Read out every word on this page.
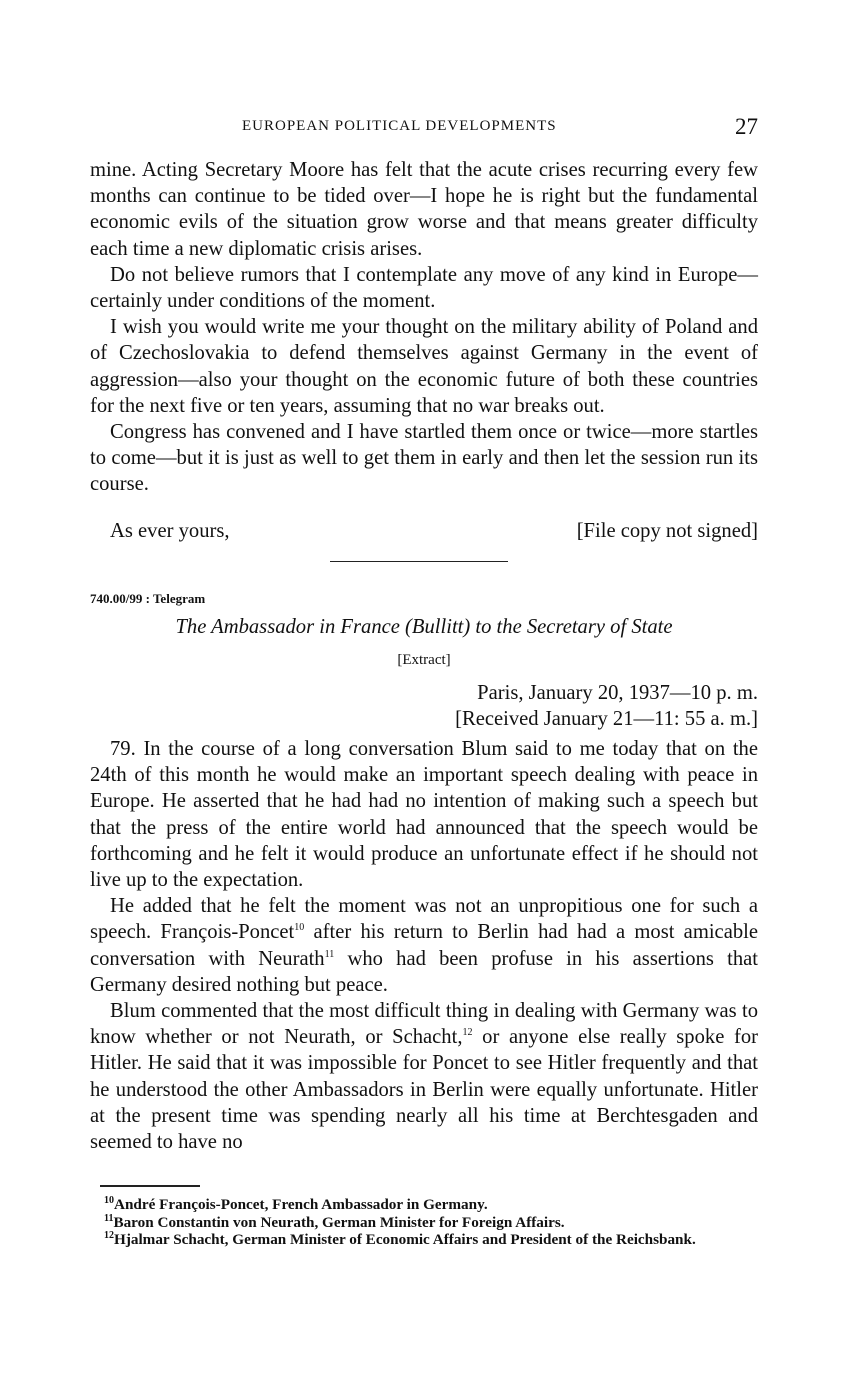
EUROPEAN POLITICAL DEVELOPMENTS	27

mine. Acting Secretary Moore has felt that the acute crises recurring every few months can continue to be tided over—I hope he is right but the fundamental economic evils of the situation grow worse and that means greater difficulty each time a new diplomatic crisis arises.

Do not believe rumors that I contemplate any move of any kind in Europe—certainly under conditions of the moment.

I wish you would write me your thought on the military ability of Poland and of Czechoslovakia to defend themselves against Germany in the event of aggression—also your thought on the economic future of both these countries for the next five or ten years, assuming that no war breaks out.

Congress has convened and I have startled them once or twice—more startles to come—but it is just as well to get them in early and then let the session run its course.

As ever yours,	[File copy not signed]
740.00/99 : Telegram
The Ambassador in France (Bullitt) to the Secretary of State
[Extract]
Paris, January 20, 1937—10 p. m.
[Received January 21—11: 55 a. m.]

79. In the course of a long conversation Blum said to me today that on the 24th of this month he would make an important speech dealing with peace in Europe. He asserted that he had had no intention of making such a speech but that the press of the entire world had announced that the speech would be forthcoming and he felt it would produce an unfortunate effect if he should not live up to the expectation.

He added that he felt the moment was not an unpropitious one for such a speech. François-Poncet$^{10}$ after his return to Berlin had had a most amicable conversation with Neurath$^{11}$ who had been profuse in his assertions that Germany desired nothing but peace.

Blum commented that the most difficult thing in dealing with Germany was to know whether or not Neurath, or Schacht,$^{12}$ or anyone else really spoke for Hitler. He said that it was impossible for Poncet to see Hitler frequently and that he understood the other Ambassadors in Berlin were equally unfortunate. Hitler at the present time was spending nearly all his time at Berchtesgaden and seemed to have no

$^{10}$André François-Poncet, French Ambassador in Germany.

$^{11}$Baron Constantin von Neurath, German Minister for Foreign Affairs.

$^{12}$Hjalmar Schacht, German Minister of Economic Affairs and President of the Reichsbank.
